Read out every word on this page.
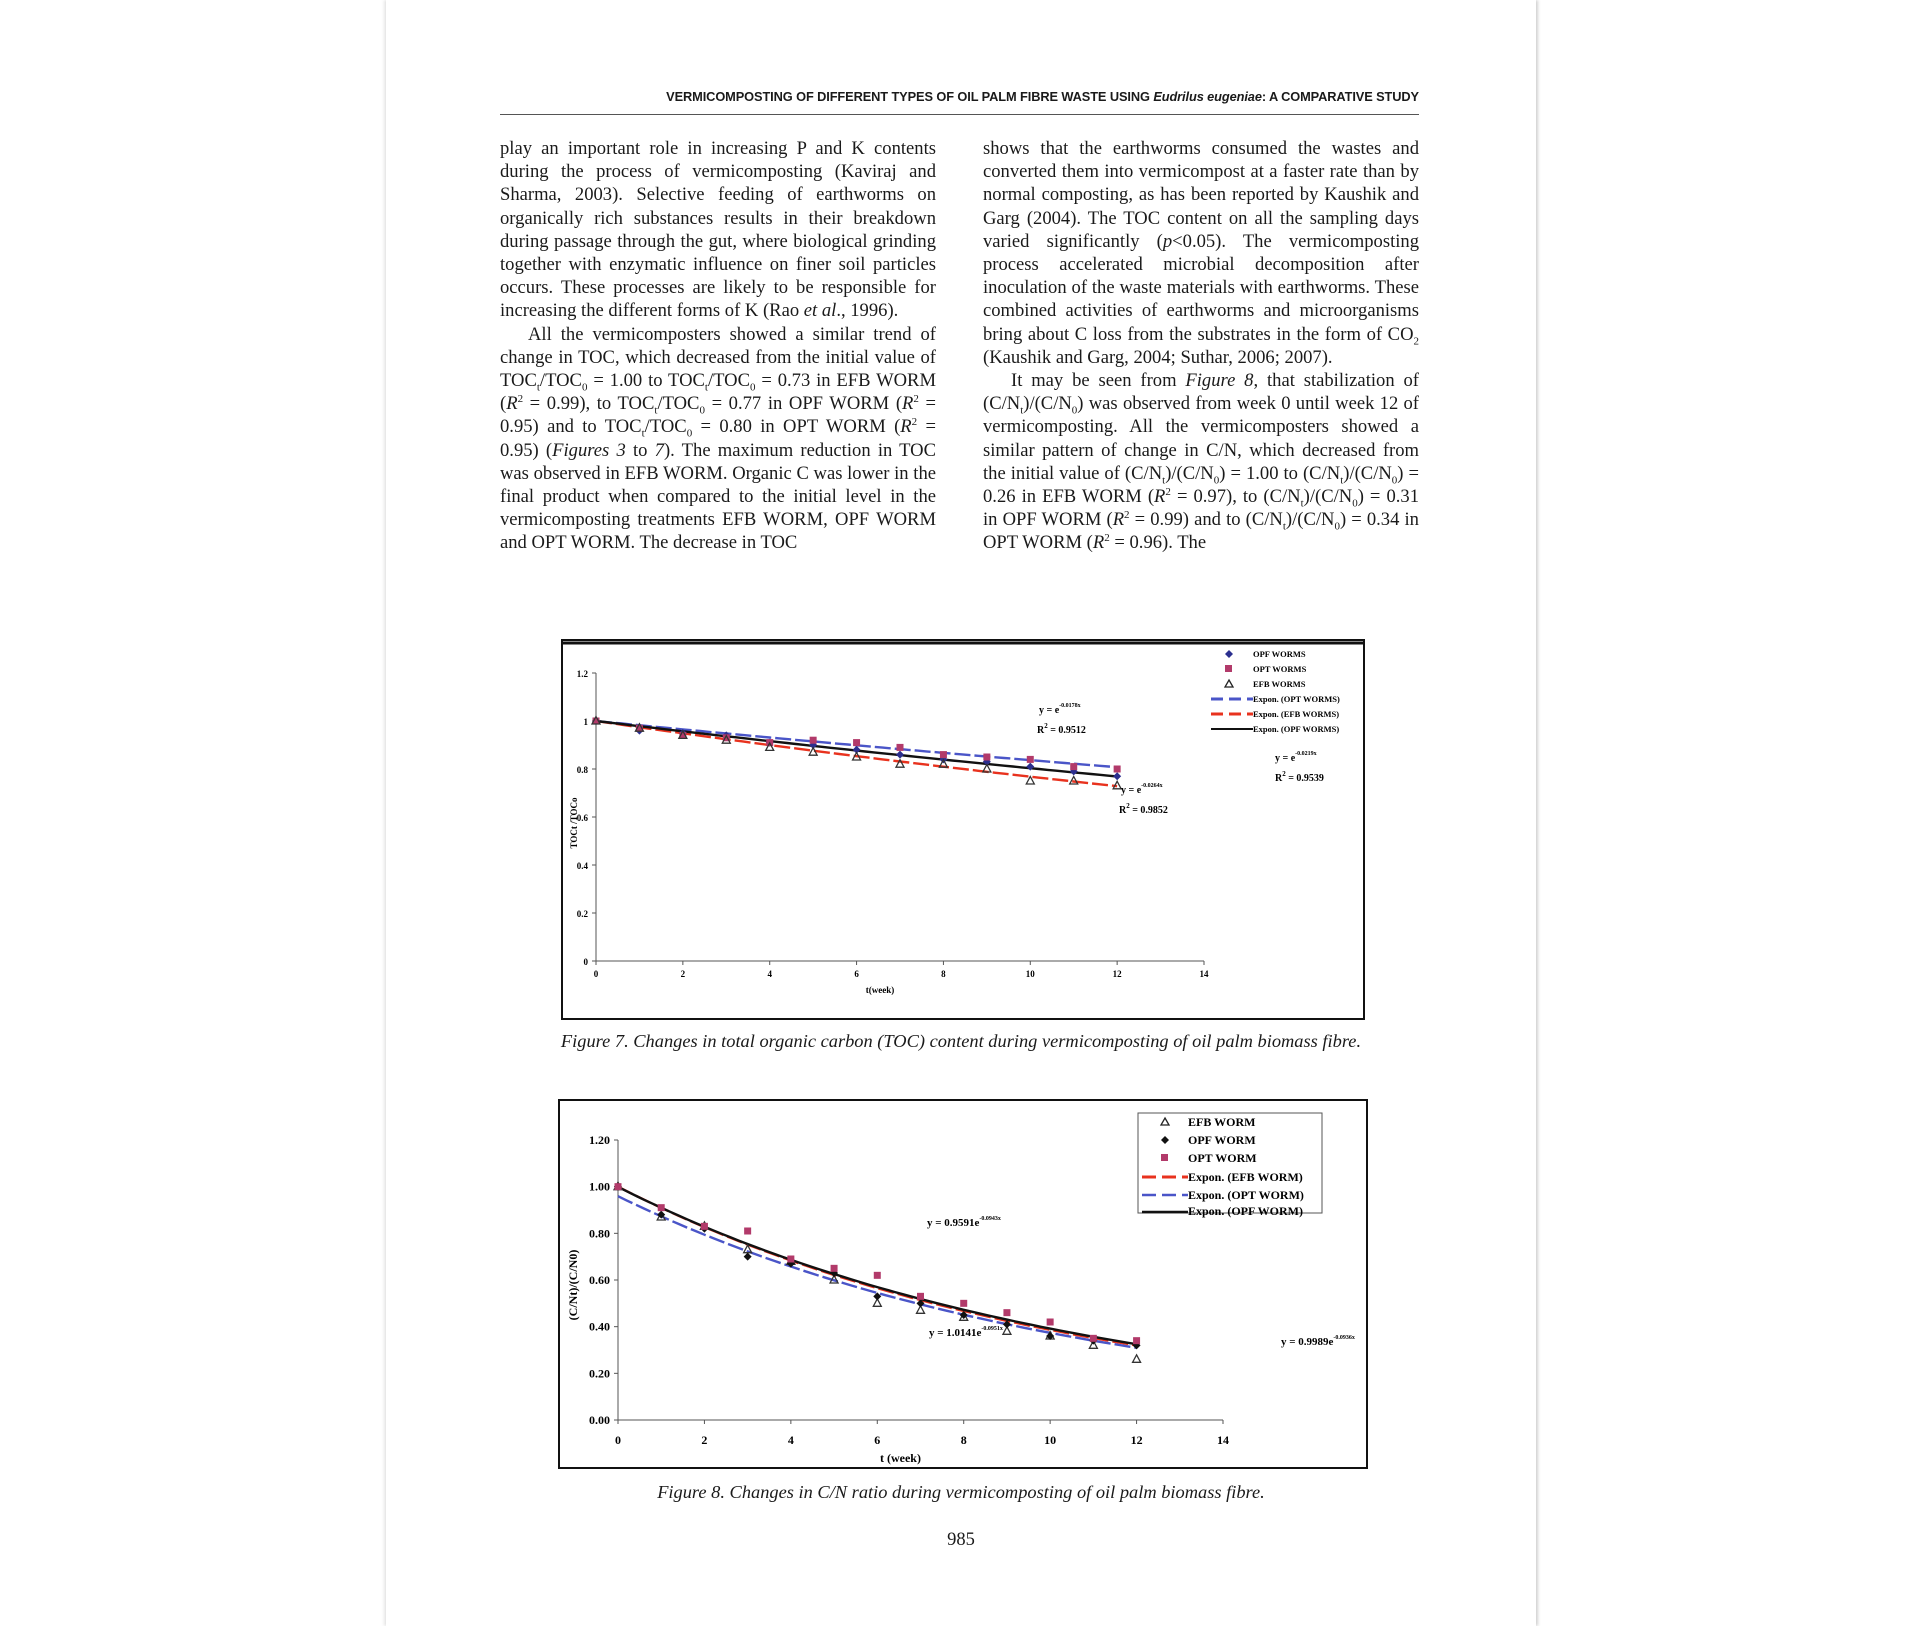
VERMICOMPOSTING OF DIFFERENT TYPES OF OIL PALM FIBRE WASTE USING Eudrilus eugeniae: A COMPARATIVE STUDY

play an important role in increasing P and K contents during the process of vermicomposting (Kaviraj and Sharma, 2003). Selective feeding of earthworms on organically rich substances results in their breakdown during passage through the gut, where biological grinding together with enzymatic influence on finer soil particles occurs. These processes are likely to be responsible for increasing the different forms of K (Rao et al., 1996).

All the vermicomposters showed a similar trend of change in TOC, which decreased from the initial value of $TOC_t/TOC_0 = 1.00$ to $TOC_t/TOC_0 = 0.73$ in EFB WORM $(R^2 = 0.99)$, to $TOC_t/TOC_0 = 0.77$ in OPF WORM $(R^2 = 0.95)$ and to $TOC_t/TOC_0 = 0.80$ in OPT WORM $(R^2 = 0.95)$ (Figures 3 to 7). The maximum reduction in TOC was observed in EFB WORM. Organic C was lower in the final product when compared to the initial level in the vermicomposting treatments EFB WORM, OPF WORM and OPT WORM. The decrease in TOC

shows that the earthworms consumed the wastes and converted them into vermicompost at a faster rate than by normal composting, as has been reported by Kaushik and Garg (2004). The TOC content on all the sampling days varied significantly (p<0.05). The vermicomposting process accelerated microbial decomposition after inoculation of the waste materials with earthworms. These combined activities of earthworms and microorganisms bring about C loss from the substrates in the form of $CO_2$ (Kaushik and Garg, 2004; Suthar, 2006; 2007).

It may be seen from Figure 8, that stabilization of $(C/N_t)/(C/N_0)$ was observed from week 0 until week 12 of vermicomposting. All the vermicomposters showed a similar pattern of change in C/N, which decreased from the initial value of $(C/N_t)/(C/N_0) = 1.00$ to $(C/N_t)/(C/N_0) = 0.26$ in EFB WORM $(R^2 = 0.97)$, to $(C/N_t)/(C/N_0) = 0.31$ in OPF WORM $(R^2 = 0.99)$ and to $(C/N_t)/(C/N_0) = 0.34$ in OPT WORM $(R^2 = 0.96)$. The

0	2	4	6	8	10	12	14
0
0.2
0.4
0.6
0.8
1
1.2
t(week)
TOCt /TOCo
OPF WORMS
OPT WORMS
EFB WORMS
Expon. (OPT WORMS)
Expon. (EFB WORMS)
Expon. (OPF WORMS)
$y = e^{-0.0178x}$
$R^2 = 0.9512$
$y = e^{-0.0219x}$
$R^2 = 0.9539$
$y = e^{-0.0264x}$
$R^2 = 0.9852$
Figure 7. Changes in total organic carbon (TOC) content during vermicomposting of oil palm biomass fibre.
0	2	4	6	8	10	12	14
0.00
0.20
0.40
0.60
0.80
1.00
1.20
t (week)
(C/Nt)/(C/N0)
EFB WORM
OPF WORM
OPT WORM
Expon. (EFB WORM)
Expon. (OPT WORM)
Expon. (OPF WORM)
$y = 0.9591e^{-0.0943x}$
$y = 1.0141e^{-0.0951x}$
$y = 0.9989e^{-0.0936x}$
Figure 8. Changes in C/N ratio during vermicomposting of oil palm biomass fibre.
985
